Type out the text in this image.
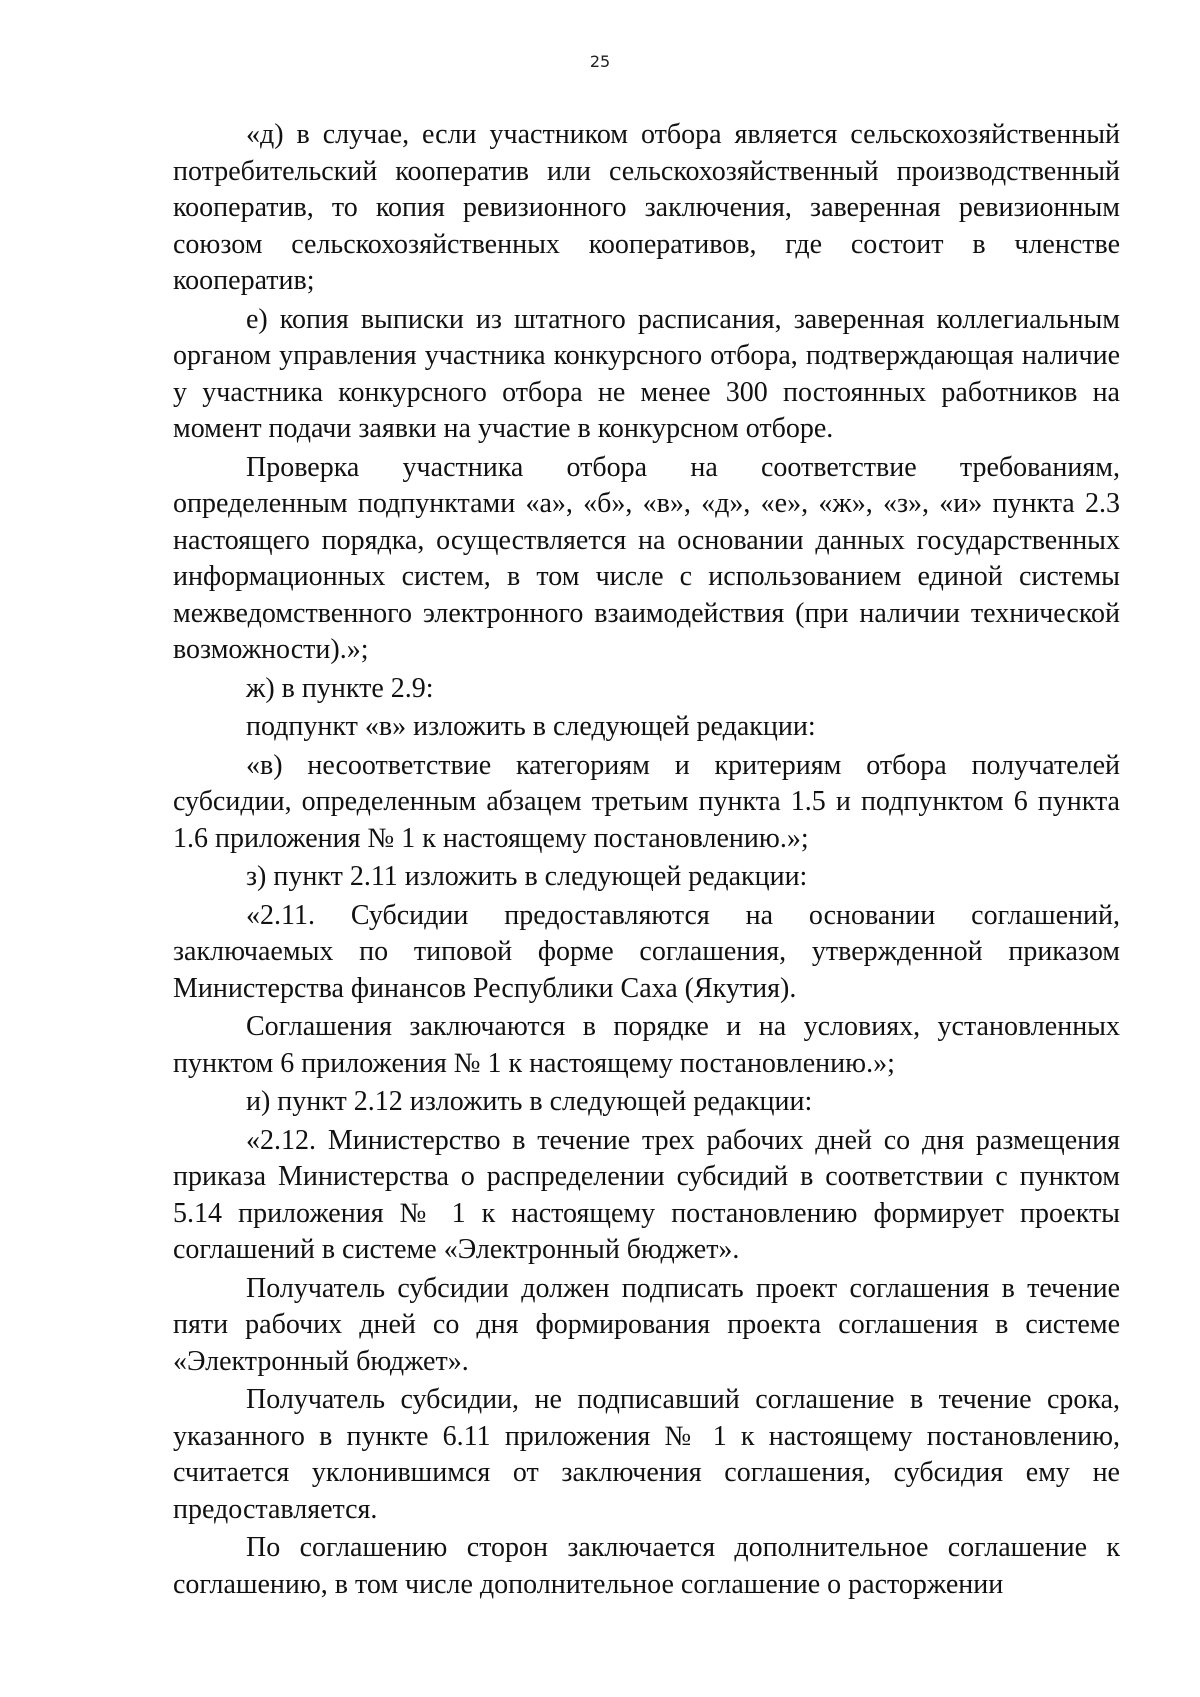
25

«д) в случае, если участником отбора является сельскохозяйственный потребительский кооператив или сельскохозяйственный производственный кооператив, то копия ревизионного заключения, заверенная ревизионным союзом сельскохозяйственных кооперативов, где состоит в членстве кооператив;

е) копия выписки из штатного расписания, заверенная коллегиальным органом управления участника конкурсного отбора, подтверждающая наличие у участника конкурсного отбора не менее 300 постоянных работников на момент подачи заявки на участие в конкурсном отборе.

Проверка участника отбора на соответствие требованиям, определенным подпунктами «а», «б», «в», «д», «е», «ж», «з», «и» пункта 2.3 настоящего порядка, осуществляется на основании данных государственных информационных систем, в том числе с использованием единой системы межведомственного электронного взаимодействия (при наличии технической возможности).»;

ж) в пункте 2.9:

подпункт «в» изложить в следующей редакции:

«в) несоответствие категориям и критериям отбора получателей субсидии, определенным абзацем третьим пункта 1.5 и подпунктом 6 пункта 1.6 приложения № 1 к настоящему постановлению.»;

з) пункт 2.11 изложить в следующей редакции:

«2.11. Субсидии предоставляются на основании соглашений, заключаемых по типовой форме соглашения, утвержденной приказом Министерства финансов Республики Саха (Якутия).

Соглашения заключаются в порядке и на условиях, установленных пунктом 6 приложения № 1 к настоящему постановлению.»;

и) пункт 2.12 изложить в следующей редакции:

«2.12. Министерство в течение трех рабочих дней со дня размещения приказа Министерства о распределении субсидий в соответствии с пунктом 5.14 приложения № 1 к настоящему постановлению формирует проекты соглашений в системе «Электронный бюджет».

Получатель субсидии должен подписать проект соглашения в течение пяти рабочих дней со дня формирования проекта соглашения в системе «Электронный бюджет».

Получатель субсидии, не подписавший соглашение в течение срока, указанного в пункте 6.11 приложения № 1 к настоящему постановлению, считается уклонившимся от заключения соглашения, субсидия ему не предоставляется.

По соглашению сторон заключается дополнительное соглашение к соглашению, в том числе дополнительное соглашение о расторжении
